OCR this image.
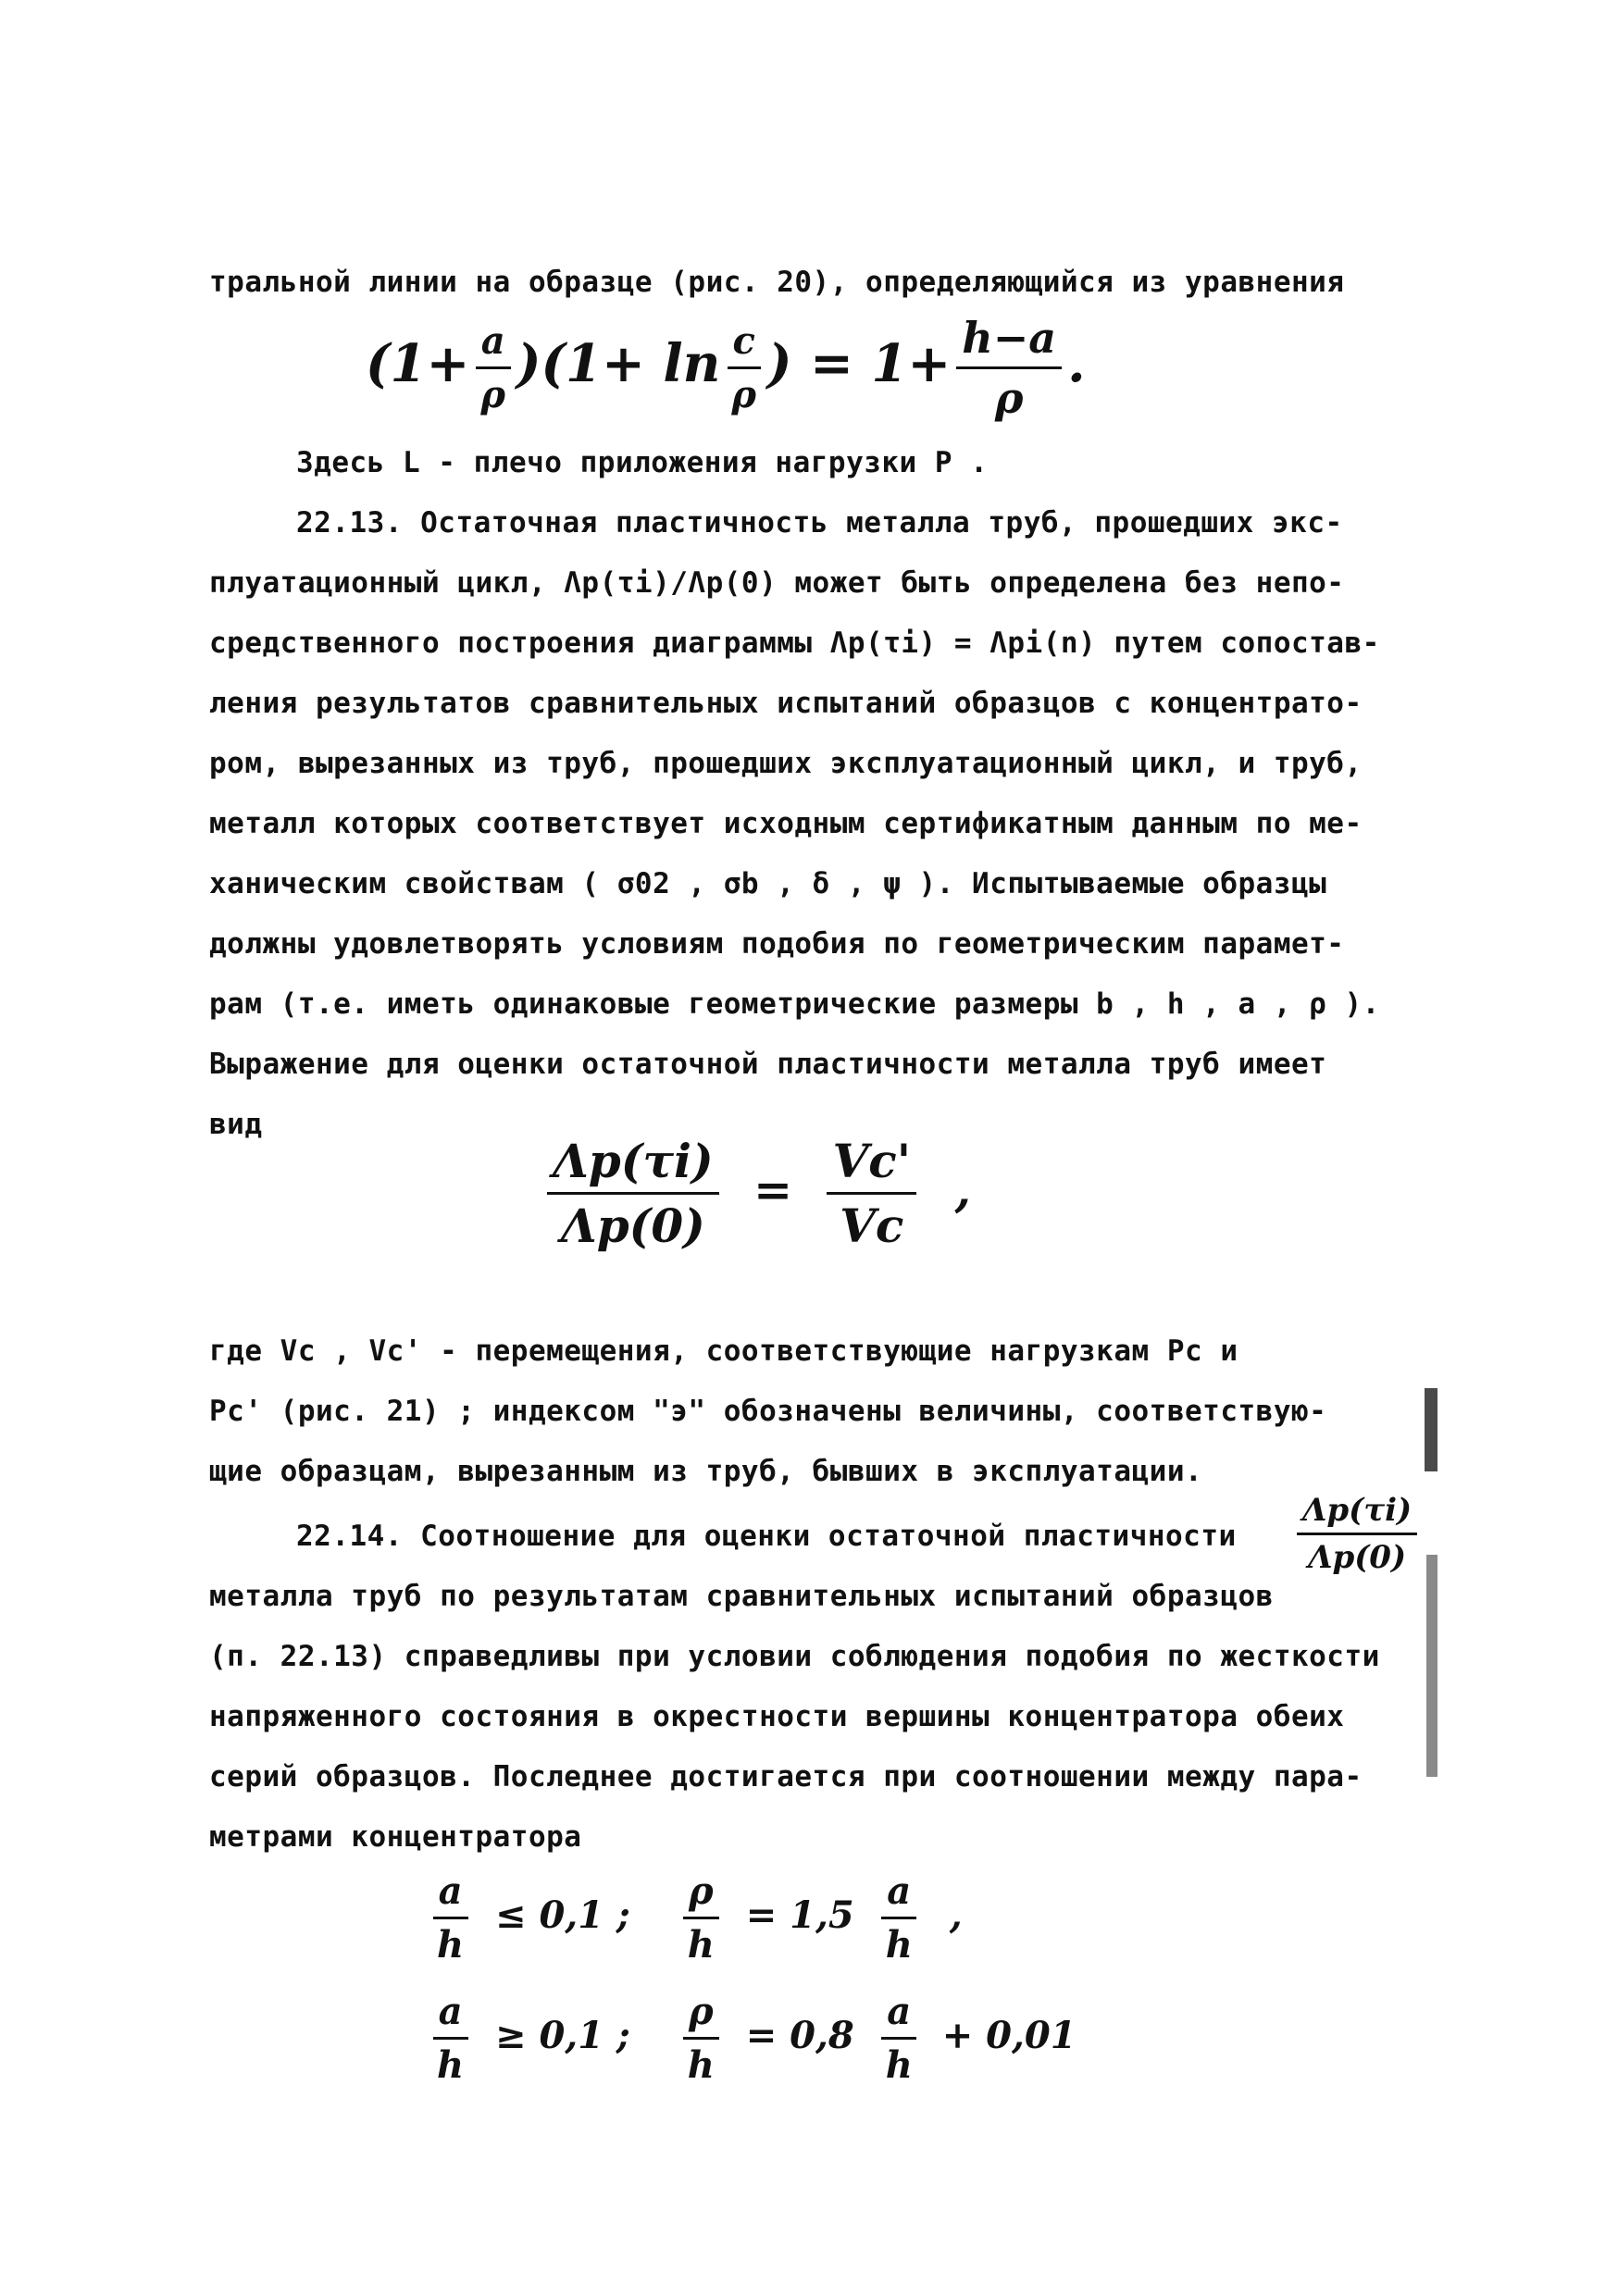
тральной линии на образце (рис. 20), определяющийся из уравнения
$(1+ \frac{a}{\rho} )(1+ \ln \frac{c}{\rho}$ ) = $1+ \frac{h-a}{\rho}$ .
Здесь L - плечо приложения нагрузки P .
22.13. Остаточная пластичность металла труб, прошедших экс-
плуатационный цикл, Λp(τi)/Λp(0) может быть определена без непо-
средственного построения диаграммы Λp(τi) = Λpi(n) путем сопостав-
ления результатов сравнительных испытаний образцов с концентрато-
ром, вырезанных из труб, прошедших эксплуатационный цикл, и труб,
металл которых соответствует исходным сертификатным данным по ме-
ханическим свойствам ( σ02 , σb , δ , ψ ). Испытываемые образцы
должны удовлетворять условиям подобия по геометрическим парамет-
рам (т.е. иметь одинаковые геометрические размеры b , h , a , ρ ).
Выражение для оценки остаточной пластичности металла труб имеет
вид
$\frac{\Lambda p(\tau i)}{\Lambda p(0)} = \frac{Vc'}{Vc}$ ,
где Vc , Vc' - перемещения, соответствующие нагрузкам Pc и
Pc' (рис. 21) ; индексом "э" обозначены величины, соответствую-
щие образцам, вырезанным из труб, бывших в эксплуатации.
22.14. Соотношение для оценки остаточной пластичности	$\frac{\Lambda p(\tau i)}{\Lambda p(0)}$
металла труб по результатам сравнительных испытаний образцов
(п. 22.13) справедливы при условии соблюдения подобия по жесткости
напряженного состояния в окрестности вершины концентратора обеих
серий образцов. Последнее достигается при соотношении между пара-
метрами концентратора
$\frac{a}{h} \le 0,1$ ; $\frac{\rho}{h} = 1,5 \frac{a}{h}$ ,
$\frac{a}{h} \ge 0,1$ ; $\frac{\rho}{h} = 0,8 \frac{a}{h} + 0,01$
